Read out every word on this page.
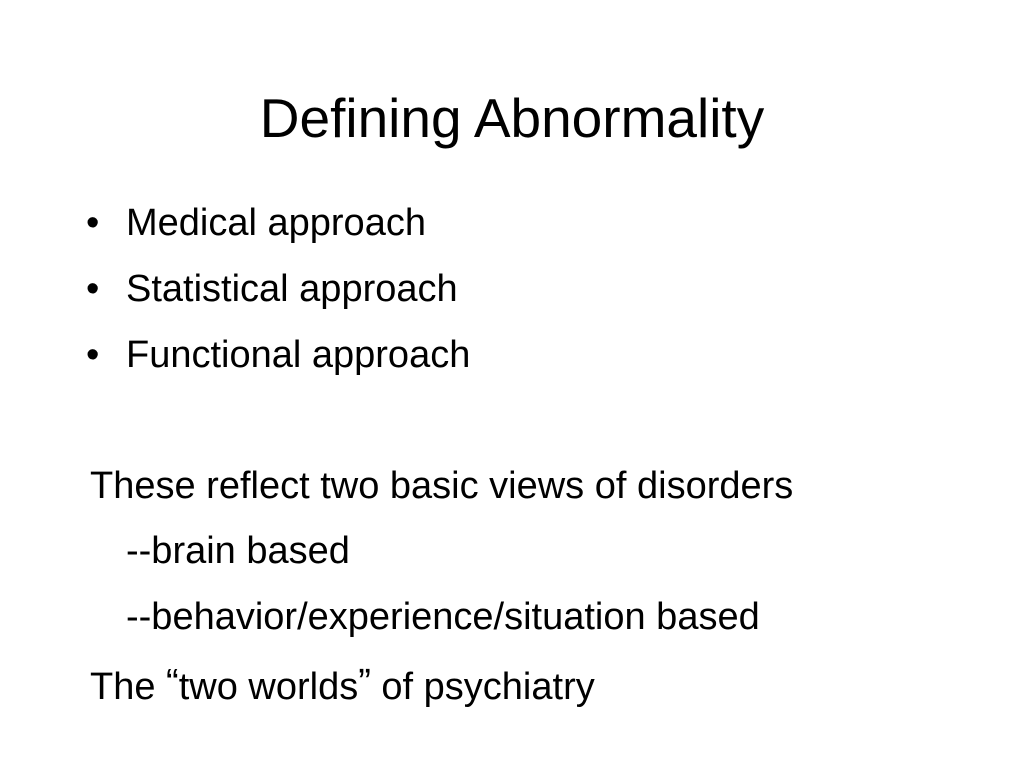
Defining Abnormality
• Medical approach
• Statistical approach
• Functional approach
These reflect two basic views of disorders
--brain based
--behavior/experience/situation based
The “two worlds” of psychiatry
